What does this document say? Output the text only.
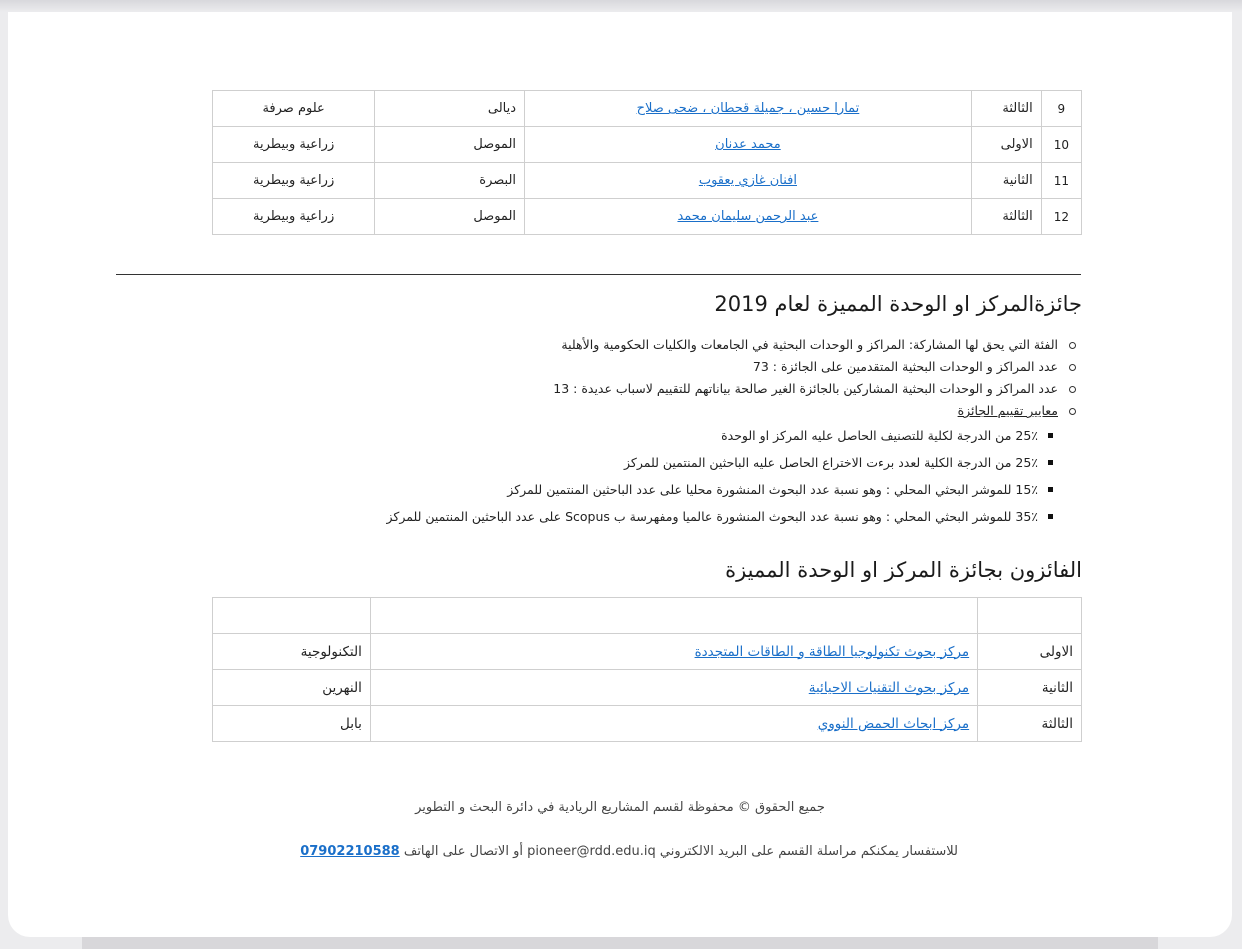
9	الثالثة	تمارا حسين ، جميلة قحطان ، ضحى صلاح	ديالى	علوم صرفة
10	الاولى	محمد عدنان	الموصل	زراعية وبيطرية
11	الثانية	افنان غازي يعقوب	البصرة	زراعية وبيطرية
12	الثالثة	عبد الرحمن سليمان محمد	الموصل	زراعية وبيطرية
جائزةالمركز او الوحدة المميزة لعام 2019
الفئة التي يحق لها المشاركة: المراكز و الوحدات البحثية في الجامعات والكليات الحكومية والأهلية
عدد المراكز و الوحدات البحثية المتقدمين على الجائزة : 73
عدد المراكز و الوحدات البحثية المشاركين بالجائزة الغير صالحة بياناتهم للتقييم لاسباب عديدة : 13
معايير تقييم الجائزة
25٪ من الدرجة لكلية للتصنيف الحاصل عليه المركز او الوحدة
25٪ من الدرجة الكلية لعدد برءت الاختراع الحاصل عليه الباحثين المنتمين للمركز
15٪ للموشر البحثي المحلي : وهو نسبة عدد البحوث المنشورة محليا على عدد الباحثين المنتمين للمركز
35٪ للموشر البحثي المحلي : وهو نسبة عدد البحوث المنشورة عالميا ومفهرسة ب Scopus على عدد الباحثين المنتمين للمركز
الفائزون بجائزة المركز او الوحدة المميزة

الاولى	مركز بحوث تكنولوجيا الطاقة و الطاقات المتجددة	التكنولوجية
الثانية	مركز بحوث التقنيات الاحيائية	النهرين
الثالثة	مركز ابحاث الحمض النووي	بابل
جميع الحقوق © محفوظة لقسم المشاريع الريادية في دائرة البحث و التطوير
للاستفسار يمكنكم مراسلة القسم على البريد الالكتروني pioneer@rdd.edu.iq أو الاتصال على الهاتف 07902210588
